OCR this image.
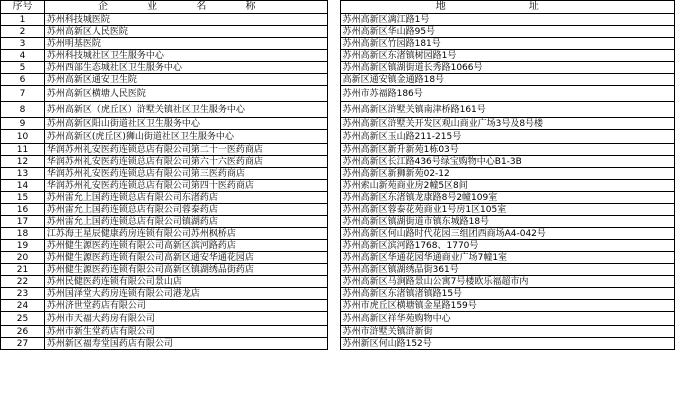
序号	企 业 名 称		地 址	
1	苏州科技城医院		苏州高新区漓江路1号	
2	苏州高新区人民医院		苏州高新区华山路95号	
3	苏州明基医院		苏州高新区竹园路181号	
4	苏州科技城社区卫生服务中心		苏州高新区东渚镇树园路1号	
5	苏州西部生态城社区卫生服务中心		苏州高新区镇湖街道长秀路1066号	
6	苏州高新区通安卫生院		高新区通安镇金通路18号	
7	苏州高新区横塘人民医院		苏州市苏福路186号	
8	苏州高新区（虎丘区）浒墅关镇社区卫生服务中心		苏州高新区浒墅关镇南津桥路161号	
9	苏州高新区阳山街道社区卫生服务中心		苏州高新区浒墅关开发区观山商业广场3号及8号楼	
10	苏州高新区(虎丘区)狮山街道社区卫生服务中心		苏州高新区玉山路211-215号	
11	华润苏州礼安医药连锁总店有限公司第二十一医药商店		苏州高新区新升新苑1栋03号	
12	华润苏州礼安医药连锁总店有限公司第六十六医药商店		苏州高新区长江路436号绿宝购物中心B1-3B	
13	华润苏州礼安医药连锁总店有限公司第三医药商店		苏州高新区新狮新苑02-12	
14	华润苏州礼安医药连锁总店有限公司第四十医药商店		苏州索山新苑商业房2幢5区8间	
15	苏州雷允上国药连锁总店有限公司东渚药店		苏州高新区东渚镇龙康路8号2幢109室	
16	苏州雷允上国药连锁总店有限公司蓉泰药店		苏州高新区蓉泰花苑商业1号房1区105室	
17	苏州雷允上国药连锁总店有限公司镇湖药店		苏州高新区镇湖街道市镇东城路18号	
18	江苏海王星辰健康药房连锁有限公司苏州枫桥店		苏州高新区何山路时代花园三组团西商场A4-042号	
19	苏州健生源医药连锁有限公司高新区滨河路药店		苏州高新区滨河路1768、1770号	
20	苏州健生源医药连锁有限公司高新区通安华通花园店		苏州高新区华通花园华通商业广场7幢1室	
21	苏州健生源医药连锁有限公司高新区镇湖绣品街药店		苏州高新区镇湖绣品街361号	
22	苏州民健医药连锁有限公司景山店		苏州高新区马涧路景山公寓7号楼欧乐福超市内	
23	苏州国泽堂大药房连锁有限公司港龙店		苏州高新区东渚镇渚镇路15号	
24	苏州济世堂药店有限公司		苏州市虎丘区横塘镇金星路159号	
25	苏州市天福大药房有限公司		苏州高新区祥华苑购物中心	
26	苏州市新生堂药店有限公司		苏州市浒墅关镇浒新街	
27	苏州新区福寿堂国药店有限公司		苏州新区何山路152号	
